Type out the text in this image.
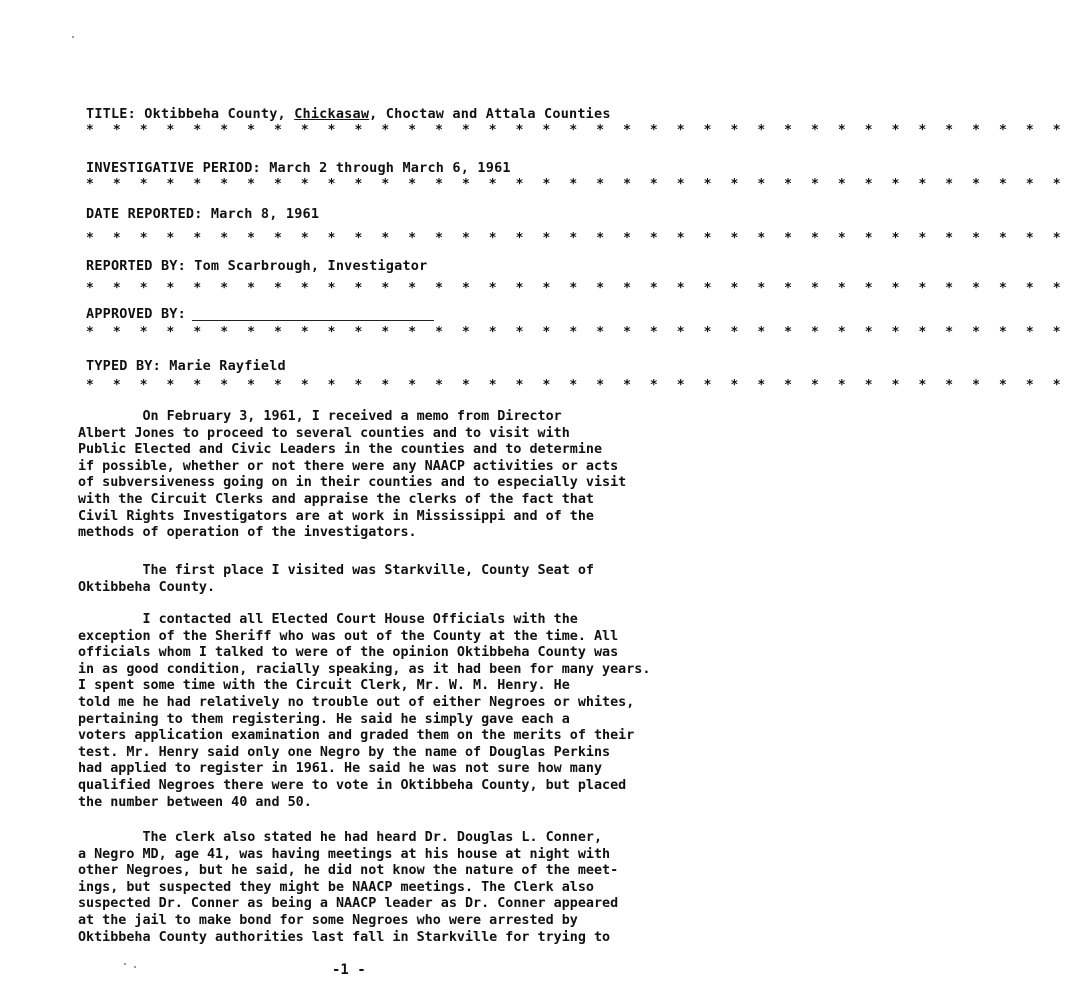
TITLE: Oktibbeha County, Chickasaw, Choctaw and Attala Counties
* * * * * * * * * * * * * * * * * * * * * * * * * * * * * * * * * * * * *
INVESTIGATIVE PERIOD: March 2 through March 6, 1961
* * * * * * * * * * * * * * * * * * * * * * * * * * * * * * * * * * * * *
DATE REPORTED: March 8, 1961
* * * * * * * * * * * * * * * * * * * * * * * * * * * * * * * * * * * * *
REPORTED BY: Tom Scarbrough, Investigator
* * * * * * * * * * * * * * * * * * * * * * * * * * * * * * * * * * * * *
APPROVED BY:
* * * * * * * * * * * * * * * * * * * * * * * * * * * * * * * * * * * * *
TYPED BY: Marie Rayfield
* * * * * * * * * * * * * * * * * * * * * * * * * * * * * * * * * * * * *

On February 3, 1961, I received a memo from Director
Albert Jones to proceed to several counties and to visit with
Public Elected and Civic Leaders in the counties and to determine
if possible, whether or not there were any NAACP activities or acts
of subversiveness going on in their counties and to especially visit
with the Circuit Clerks and appraise the clerks of the fact that
Civil Rights Investigators are at work in Mississippi and of the
methods of operation of the investigators.

The first place I visited was Starkville, County Seat of
Oktibbeha County.

I contacted all Elected Court House Officials with the
exception of the Sheriff who was out of the County at the time. All
officials whom I talked to were of the opinion Oktibbeha County was
in as good condition, racially speaking, as it had been for many years.
I spent some time with the Circuit Clerk, Mr. W. M. Henry. He
told me he had relatively no trouble out of either Negroes or whites,
pertaining to them registering. He said he simply gave each a
voters application examination and graded them on the merits of their
test. Mr. Henry said only one Negro by the name of Douglas Perkins
had applied to register in 1961. He said he was not sure how many
qualified Negroes there were to vote in Oktibbeha County, but placed
the number between 40 and 50.

The clerk also stated he had heard Dr. Douglas L. Conner,
a Negro MD, age 41, was having meetings at his house at night with
other Negroes, but he said, he did not know the nature of the meet-
ings, but suspected they might be NAACP meetings. The Clerk also
suspected Dr. Conner as being a NAACP leader as Dr. Conner appeared
at the jail to make bond for some Negroes who were arrested by
Oktibbeha County authorities last fall in Starkville for trying to

-1 -
